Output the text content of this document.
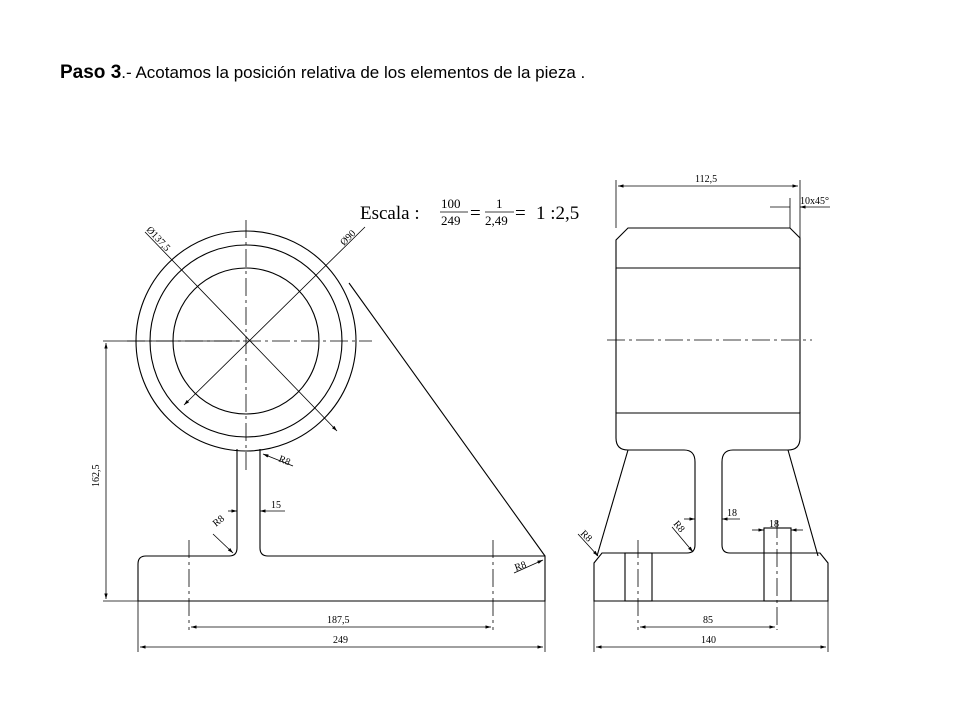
Paso 3.- Acotamos la posición relativa de los elementos de la pieza .
Ø137,5	Ø90
162,5
15
R8
R8
R8
187,5
249
Escala : 100
249 = 1
2,49 = 1 :2,5
112,5
10x45°
18
18
R8
R8
85
140
